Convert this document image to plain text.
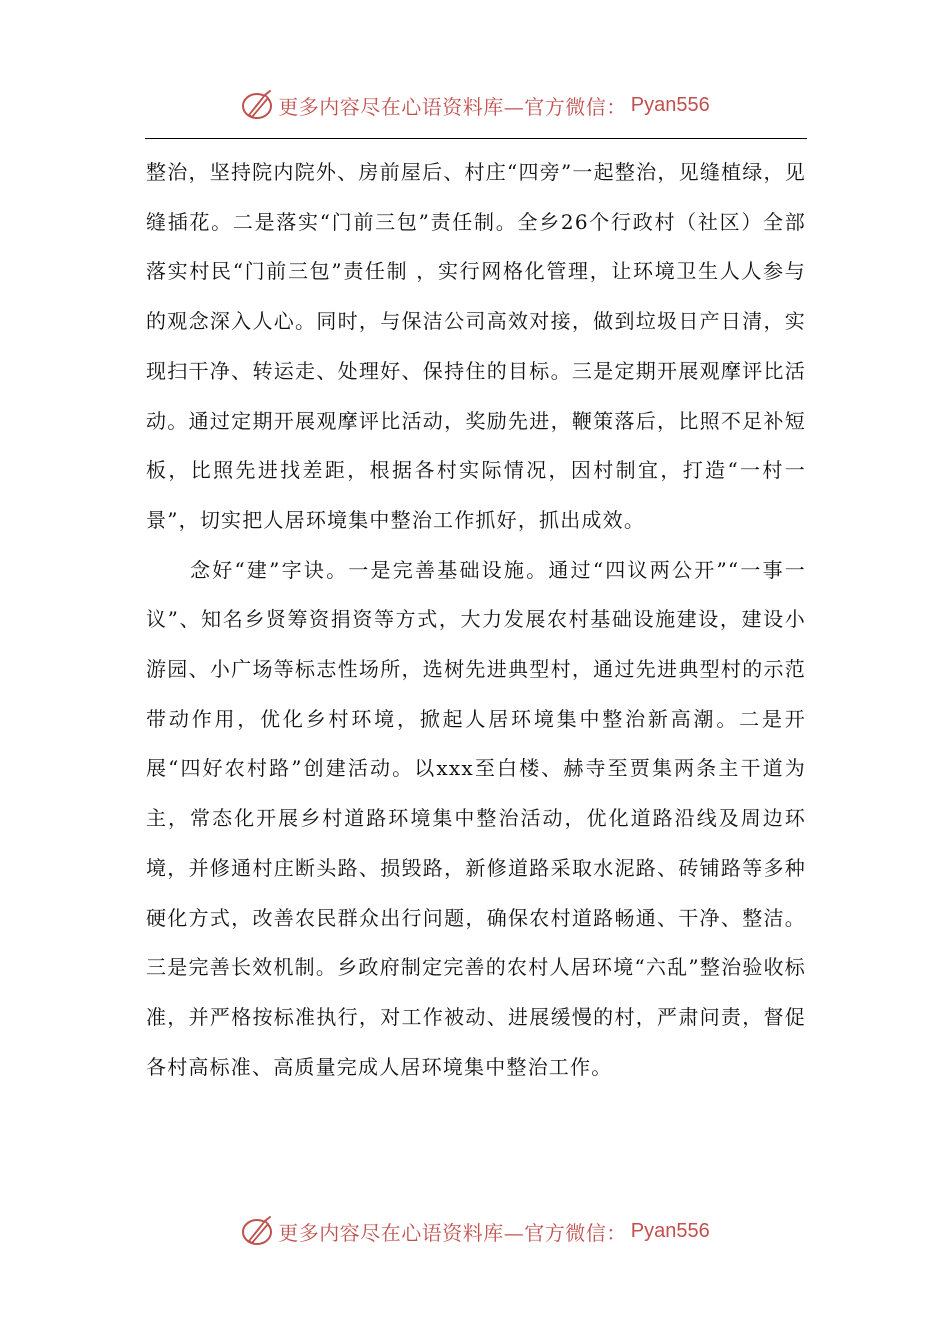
更多内容尽在心语资料库—官方微信： Pyan556

整治，坚持院内院外、房前屋后、村庄“四旁”一起整治，见缝植绿，见缝插花。二是落实“门前三包”责任制。全乡26个行政村（社区）全部落实村民“门前三包”责任制 ，实行网格化管理，让环境卫生人人参与的观念深入人心。同时，与保洁公司高效对接，做到垃圾日产日清，实现扫干净、转运走、处理好、保持住的目标。三是定期开展观摩评比活动。通过定期开展观摩评比活动，奖励先进，鞭策落后，比照不足补短板，比照先进找差距，根据各村实际情况，因村制宜，打造“一村一景”，切实把人居环境集中整治工作抓好，抓出成效。

念好“建”字诀。一是完善基础设施。通过“四议两公开”“一事一议”、知名乡贤筹资捐资等方式，大力发展农村基础设施建设，建设小游园、小广场等标志性场所，选树先进典型村，通过先进典型村的示范带动作用，优化乡村环境，掀起人居环境集中整治新高潮。二是开展“四好农村路”创建活动。以xxx至白楼、赫寺至贾集两条主干道为主，常态化开展乡村道路环境集中整治活动，优化道路沿线及周边环境，并修通村庄断头路、损毁路，新修道路采取水泥路、砖铺路等多种硬化方式，改善农民群众出行问题，确保农村道路畅通、干净、整洁。三是完善长效机制。乡政府制定完善的农村人居环境“六乱”整治验收标准，并严格按标准执行，对工作被动、进展缓慢的村，严肃问责，督促各村高标准、高质量完成人居环境集中整治工作。

更多内容尽在心语资料库—官方微信： Pyan556
